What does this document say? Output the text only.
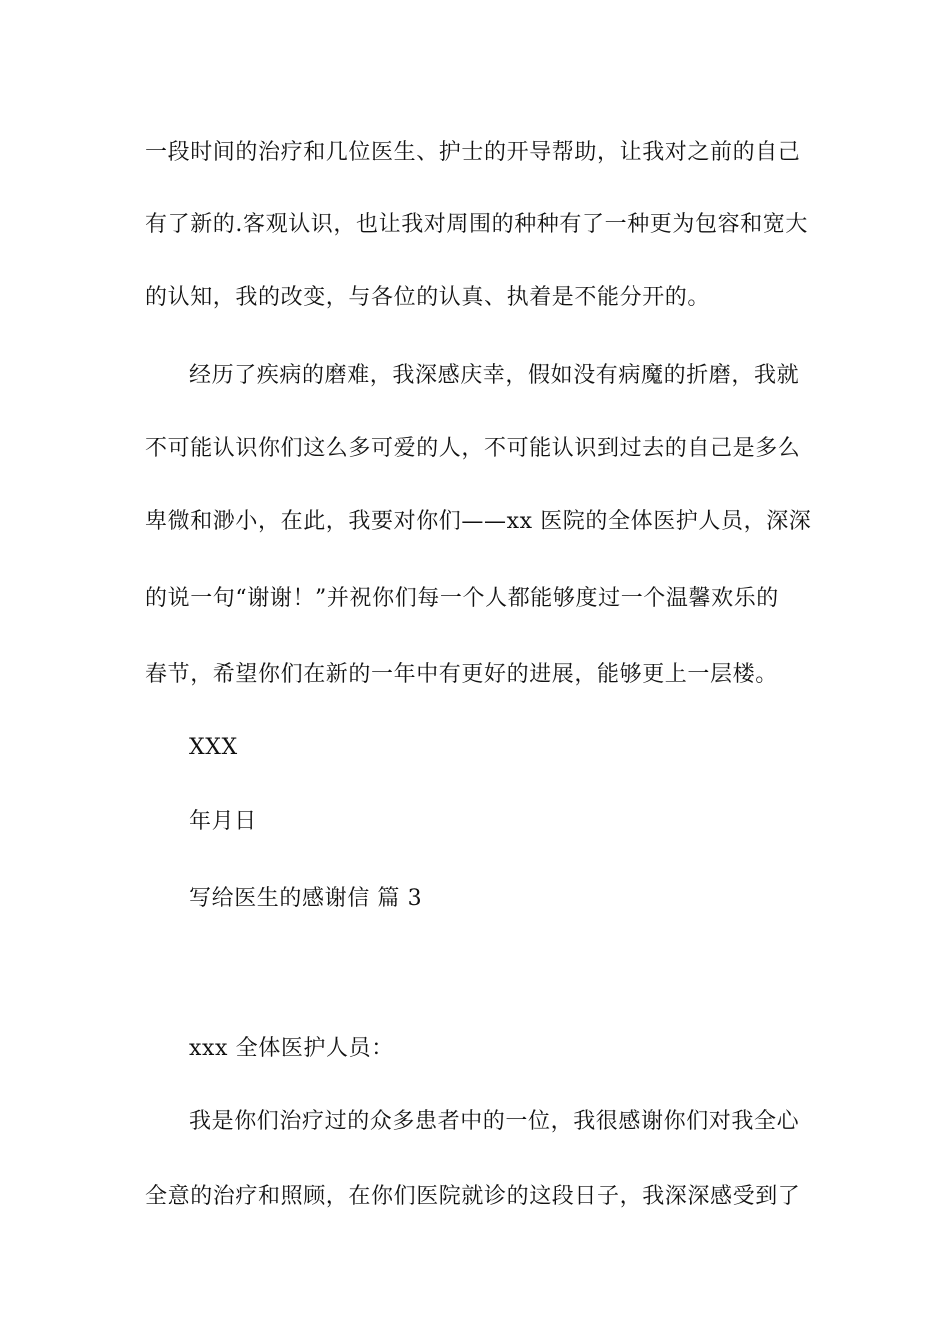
一段时间的治疗和几位医生、护士的开导帮助，让我对之前的自己

有了新的.客观认识，也让我对周围的种种有了一种更为包容和宽大

的认知，我的改变，与各位的认真、执着是不能分开的。

经历了疾病的磨难，我深感庆幸，假如没有病魔的折磨，我就

不可能认识你们这么多可爱的人，不可能认识到过去的自己是多么

卑微和渺小，在此，我要对你们——xx 医院的全体医护人员，深深

的说一句“谢谢！”并祝你们每一个人都能够度过一个温馨欢乐的

春节，希望你们在新的一年中有更好的进展，能够更上一层楼。

XXX

年月日

写给医生的感谢信 篇 3

xxx 全体医护人员：

我是你们治疗过的众多患者中的一位，我很感谢你们对我全心

全意的治疗和照顾，在你们医院就诊的这段日子，我深深感受到了
